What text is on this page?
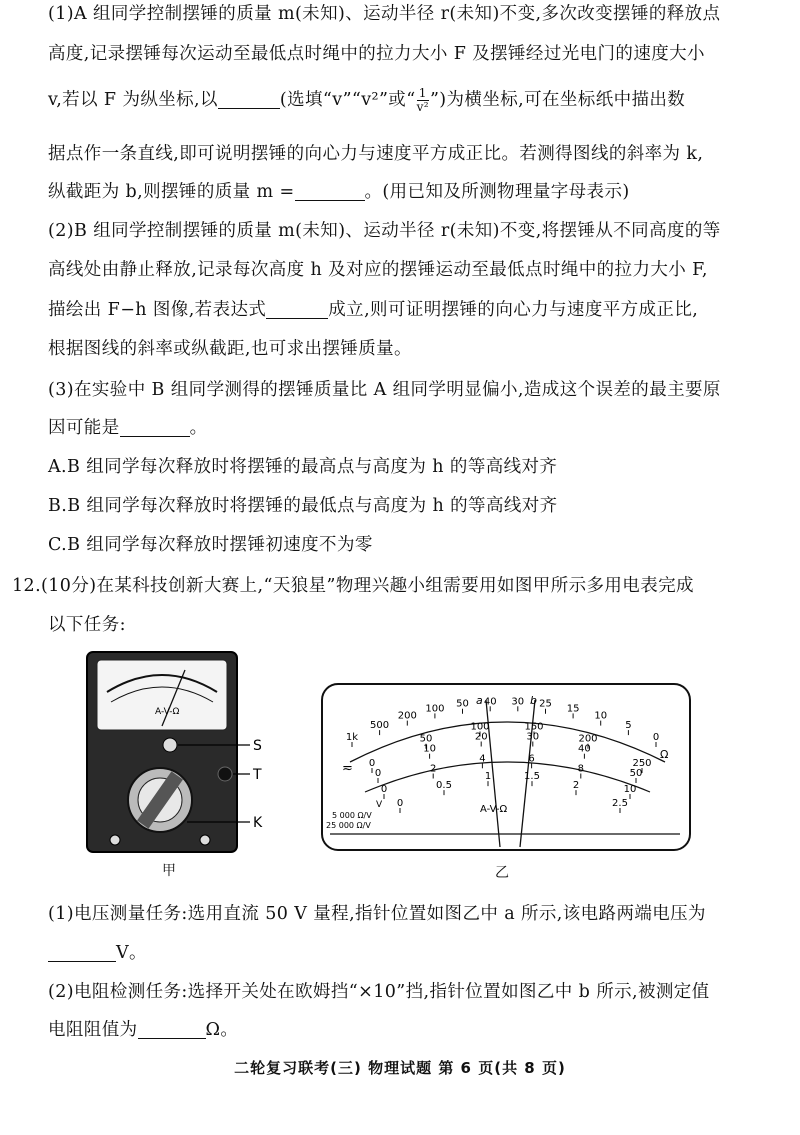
(1)A 组同学控制摆锤的质量 m(未知)、运动半径 r(未知)不变,多次改变摆锤的释放点
高度,记录摆锤每次运动至最低点时绳中的拉力大小 F 及摆锤经过光电门的速度大小
v,若以 F 为纵坐标,以	(选填“v”“v²”或“ $\frac{1}{\text{v²}}$ ”)为横坐标,可在坐标纸中描出数
据点作一条直线,即可说明摆锤的向心力与速度平方成正比。若测得图线的斜率为 k,
纵截距为 b,则摆锤的质量 m =	。(用已知及所测物理量字母表示)
(2)B 组同学控制摆锤的质量 m(未知)、运动半径 r(未知)不变,将摆锤从不同高度的等
高线处由静止释放,记录每次高度 h 及对应的摆锤运动至最低点时绳中的拉力大小 F,
描绘出 F−h 图像,若表达式	成立,则可证明摆锤的向心力与速度平方成正比,
根据图线的斜率或纵截距,也可求出摆锤质量。
(3)在实验中 B 组同学测得的摆锤质量比 A 组同学明显偏小,造成这个误差的最主要原
因可能是	。
A.B 组同学每次释放时将摆锤的最高点与高度为 h 的等高线对齐
B.B 组同学每次释放时将摆锤的最低点与高度为 h 的等高线对齐
C.B 组同学每次释放时摆锤初速度不为零
12.(10分)在某科技创新大赛上,“天狼星”物理兴趣小组需要用如图甲所示多用电表完成
以下任务:
A-V-Ω
S
T
K
甲
a	b
1k
500
200
100 50 40 30 25 15
10
5
0
0
50
100	150
200
250
0
10
20	30
40
50
0
2
4	6
8
10
0
0.5
1	1.5
2
2.5
Ω
≂
A-V-Ω
V
5 000 Ω/V
25 000 Ω/V
乙
(1)电压测量任务:选用直流 50 V 量程,指针位置如图乙中 a 所示,该电路两端电压为
V。
(2)电阻检测任务:选择开关处在欧姆挡“×10”挡,指针位置如图乙中 b 所示,被测定值
电阻阻值为	Ω。
二轮复习联考(三) 物理试题 第 6 页(共 8 页)
